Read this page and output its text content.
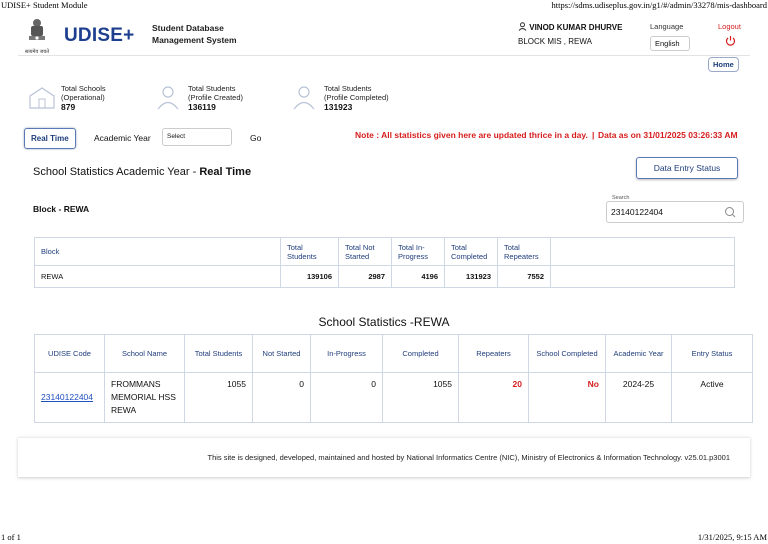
UDISE+ Student Module	https://sdms.udiseplus.gov.in/g1/#/admin/33278/mis-dashboard
सत्यमेव जयते
UDISE+ Student Database
Management System
VINOD KUMAR DHURVE
BLOCK MIS , REWA
Language
English
Logout
Home
Total Schools
(Operational)
879
Total Students
(Profile Created)
136119
Total Students
(Profile Completed)
131923
Real Time	Academic Year	Select	Go	Note : All statistics given here are updated thrice in a day. | Data as on 31/01/2025 03:26:33 AM
School Statistics Academic Year - Real Time	Data Entry Status
Block - REWA
Search
23140122404
Block	Total Students	Total Not Started	Total In-Progress	Total Completed	Total Repeaters	
REWA	139106	2987	4196	131923	7552	
School Statistics -REWA
UDISE Code	School Name	Total Students	Not Started	In-Progress	Completed	Repeaters	School Completed	Academic Year	Entry Status
23140122404	FROMMANS MEMORIAL HSS REWA	1055	0	0	1055	20	No	2024-25	Active
This site is designed, developed, maintained and hosted by National Informatics Centre (NIC), Ministry of Electronics & Information Technology. v25.01.p3001
1 of 1	1/31/2025, 9:15 AM
